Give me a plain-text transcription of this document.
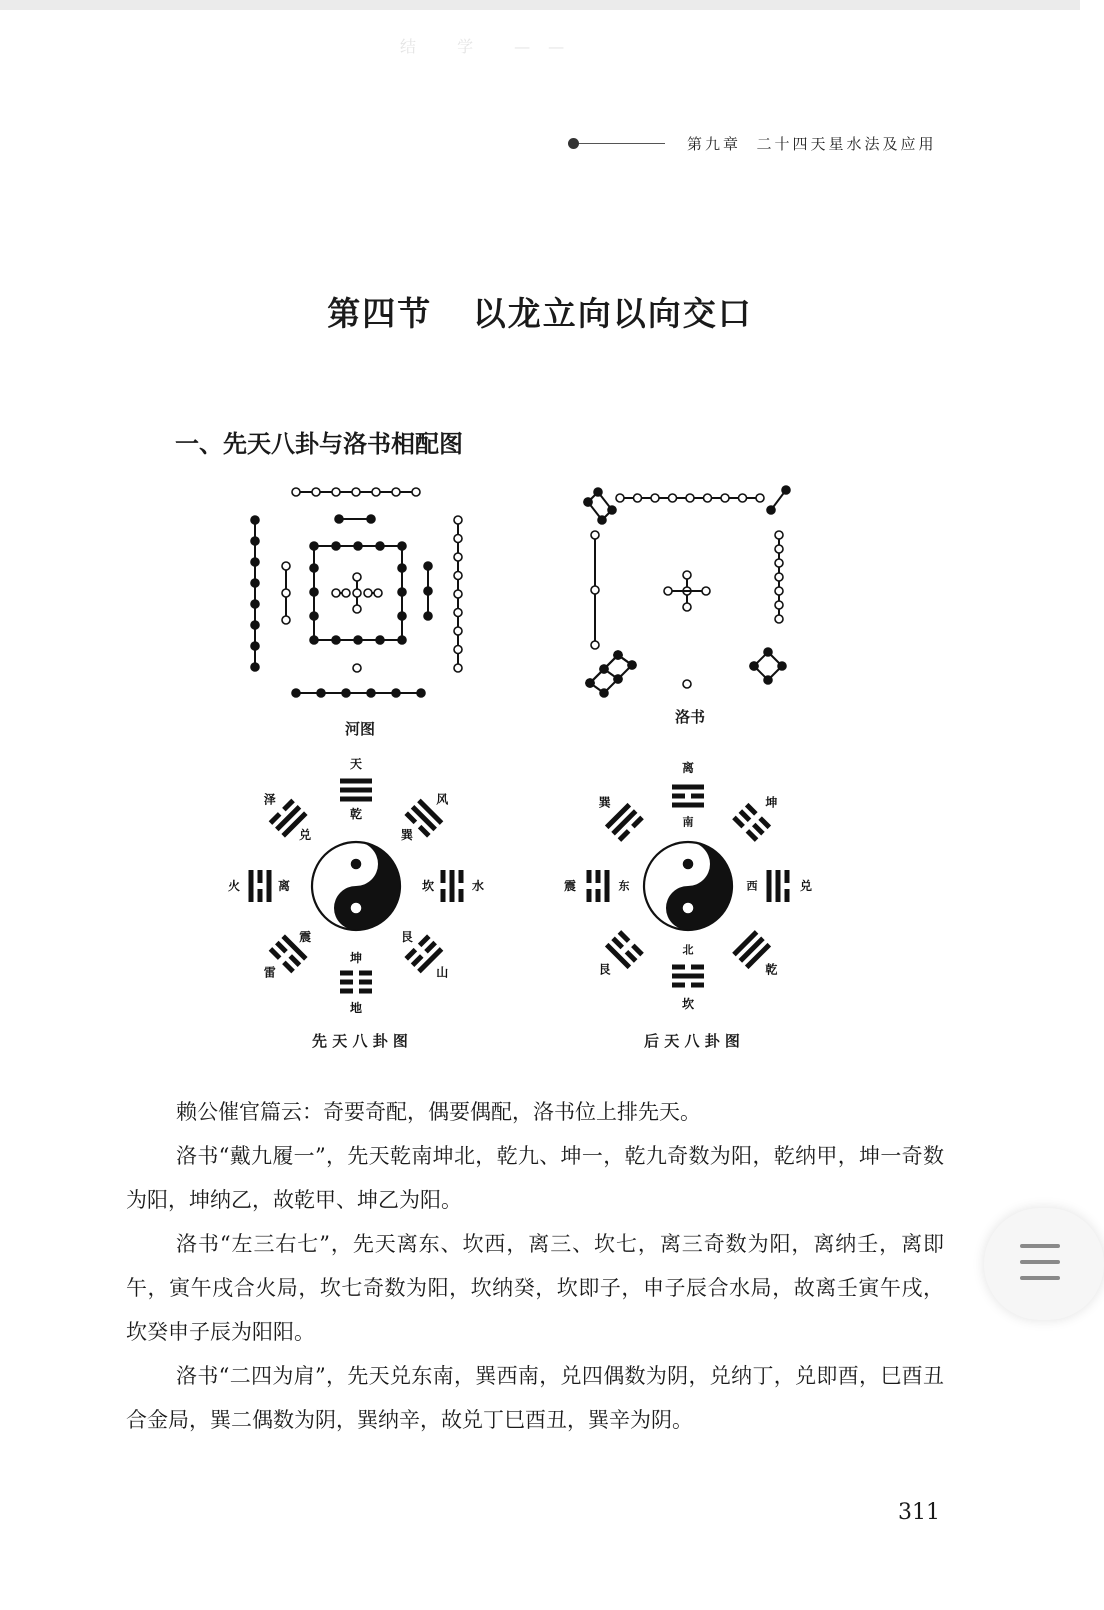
结 学 ——
第九章  二十四天星水法及应用
第四节   以龙立向以向交口
一、先天八卦与洛书相配图
河图
洛书
乾
天
巽
风
坎	水
艮
山
坤
地
震
雷
离
火
兑
泽
先 天 八 卦 图
离
坤
兑
乾
坎
艮
震
巽
南
北
东	西
后 天 八 卦 图

赖公催官篇云：奇要奇配，偶要偶配，洛书位上排先天。

洛书“戴九履一”，先天乾南坤北，乾九、坤一，乾九奇数为阳，乾纳甲，坤一奇数为阳，坤纳乙，故乾甲、坤乙为阳。

洛书“左三右七”，先天离东、坎西，离三、坎七，离三奇数为阳，离纳壬，离即午，寅午戌合火局，坎七奇数为阳，坎纳癸，坎即子，申子辰合水局，故离壬寅午戌，坎癸申子辰为阳阳。

洛书“二四为肩”，先天兑东南，巽西南，兑四偶数为阴，兑纳丁，兑即酉，巳酉丑合金局，巽二偶数为阴，巽纳辛，故兑丁巳酉丑，巽辛为阴。

311
